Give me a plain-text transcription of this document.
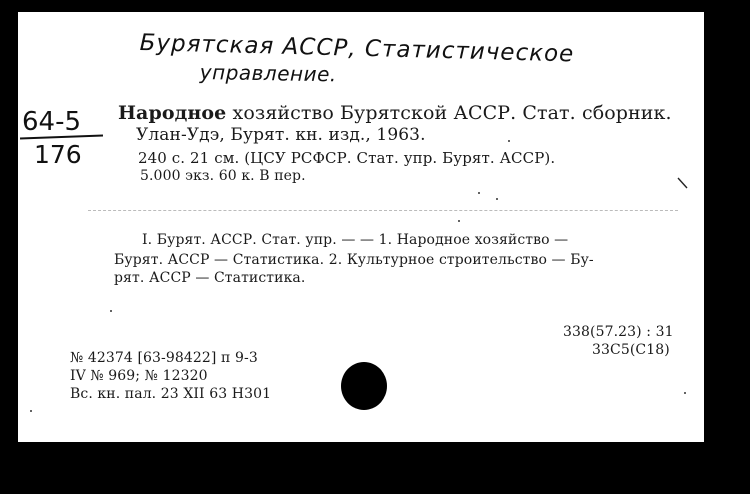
Бурятская АССР, Статистическое
управление.
64-5
176
Народное хозяйство Бурятской АССР. Стат. сборник.
Улан-Удэ, Бурят. кн. изд., 1963.
240 с. 21 см. (ЦСУ РСФСР. Стат. упр. Бурят. АССР).
5.000 экз. 60 к. В пер.
I. Бурят. АССР. Стат. упр. — — 1. Народное хозяйство —
Бурят. АССР — Статистика. 2. Культурное строительство — Бу-
рят. АССР — Статистика.
338(57.23) : 31
33С5(С18)
№ 42374 [63-98422] п 9-3
IV № 969; № 12320
Вс. кн. пал. 23 XII 63 Н301
